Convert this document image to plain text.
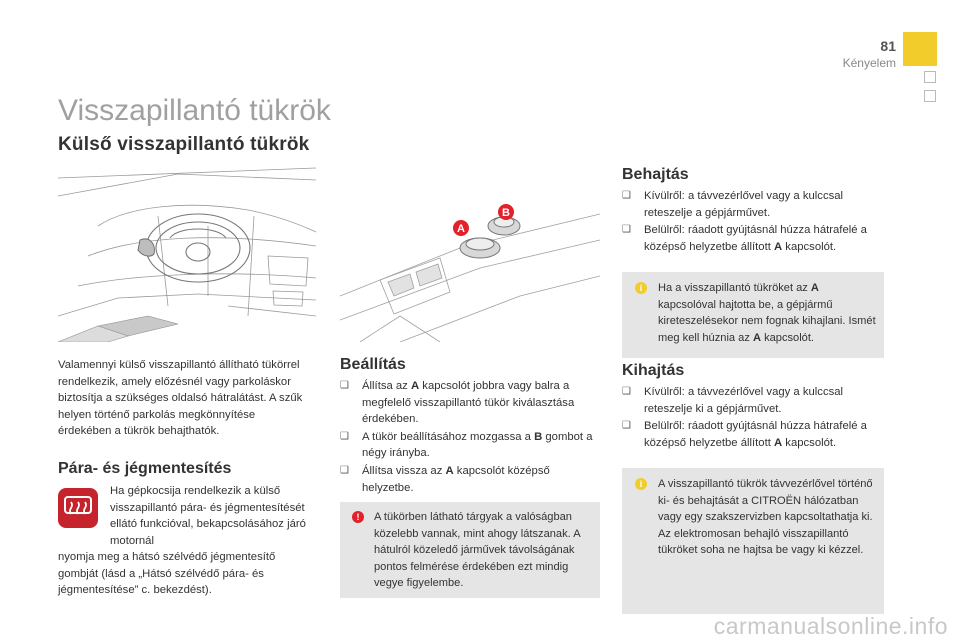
81
Kényelem
Visszapillantó tükrök
Külső visszapillantó tükrök
A
B
Valamennyi külső visszapillantó állítható tükörrel rendelkezik, amely előzésnél vagy parkoláskor biztosítja a szükséges oldalsó hátralátást. A szűk helyen történő parkolás megkönnyítése érdekében a tükrök behajthatók.
Pára- és jégmentesítés
Ha gépkocsija rendelkezik a külső visszapillantó pára- és jégmentesítését ellátó funkcióval, bekapcsolásához járó motornál
nyomja meg a hátsó szélvédő jégmentesítő gombját (lásd a „Hátsó szélvédő pára- és jégmentesítése” c. bekezdést).
Beállítás
❑ Állítsa az A kapcsolót jobbra vagy balra a megfelelő visszapillantó tükör kiválasztása érdekében.
❑ A tükör beállításához mozgassa a B gombot a négy irányba.
❑ Állítsa vissza az A kapcsolót középső helyzetbe.
!	A tükörben látható tárgyak a valóságban közelebb vannak, mint ahogy látszanak. A hátulról közeledő járművek távolságának pontos felmérése érdekében ezt mindig vegye figyelembe.
Behajtás
❑ Kívülről: a távvezérlővel vagy a kulccsal reteszelje a gépjárművet.
❑ Belülről: ráadott gyújtásnál húzza hátrafelé a középső helyzetbe állított A kapcsolót.
i	Ha a visszapillantó tükröket az A kapcsolóval hajtotta be, a gépjármű kireteszelésekor nem fognak kihajlani. Ismét meg kell húznia az A kapcsolót.
Kihajtás
❑ Kívülről: a távvezérlővel vagy a kulccsal reteszelje ki a gépjárművet.
❑ Belülről: ráadott gyújtásnál húzza hátrafelé a középső helyzetbe állított A kapcsolót.
i	A visszapillantó tükrök távvezérlővel történő ki- és behajtását a CITROËN hálózatban vagy egy szakszervizben kapcsoltathatja ki.
Az elektromosan behajló visszapillantó tükröket soha ne hajtsa be vagy ki kézzel.
carmanualsonline.info
